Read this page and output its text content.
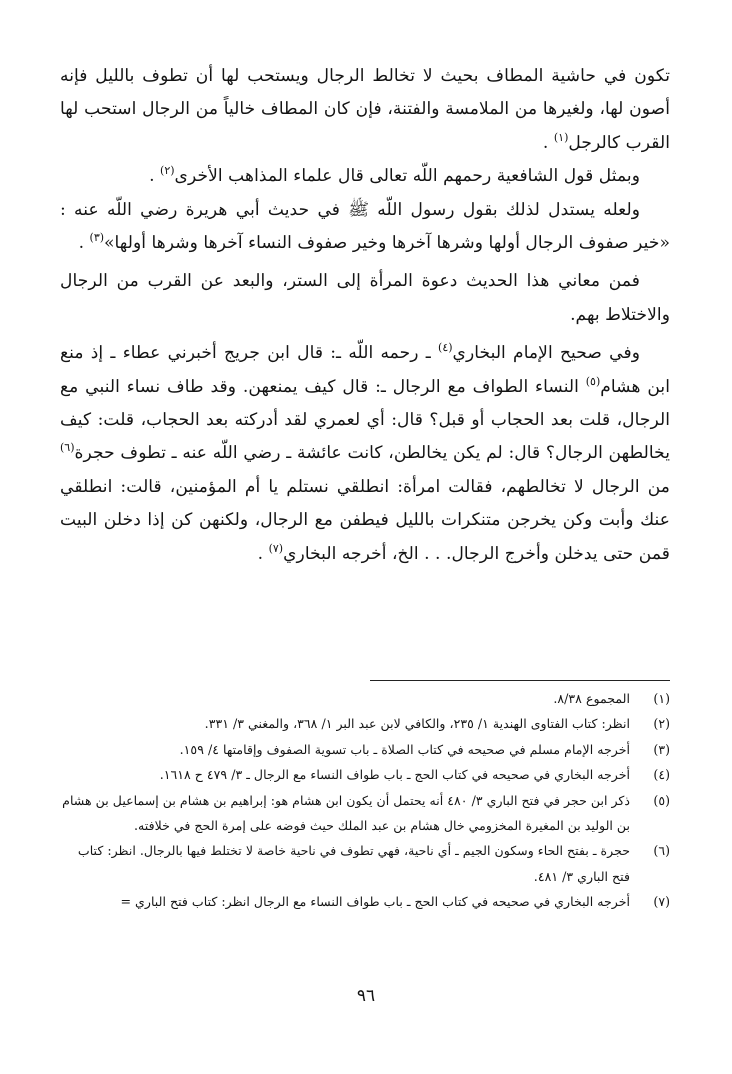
تكون في حاشية المطاف بحيث لا تخالط الرجال ويستحب لها أن تطوف بالليل فإنه أصون لها، ولغيرها من الملامسة والفتنة، فإن كان المطاف خالياً من الرجال استحب لها القرب كالرجل$^{(١)}$ .

وبمثل قول الشافعية رحمهم اللّه تعالى قال علماء المذاهب الأخرى$^{(٢)}$ .

ولعله يستدل لذلك بقول رسول اللّه ﷺ في حديث أبي هريرة رضي اللّه عنه : «خير صفوف الرجال أولها وشرها آخرها وخير صفوف النساء آخرها وشرها أولها»$^{(٣)}$ .

فمن معاني هذا الحديث دعوة المرأة إلى الستر، والبعد عن القرب من الرجال والاختلاط بهم.

وفي صحيح الإمام البخاري$^{(٤)}$ ـ رحمه اللّه ـ: قال ابن جريج أخبرني عطاء ـ إذ منع ابن هشام$^{(٥)}$ النساء الطواف مع الرجال ـ: قال كيف يمنعهن. وقد طاف نساء النبي مع الرجال، قلت بعد الحجاب أو قبل؟ قال: أي لعمري لقد أدركته بعد الحجاب، قلت: كيف يخالطهن الرجال؟ قال: لم يكن يخالطن، كانت عائشة ـ رضي اللّه عنه ـ تطوف حجرة$^{(٦)}$ من الرجال لا تخالطهم، فقالت امرأة: انطلقي نستلم يا أم المؤمنين، قالت: انطلقي عنك وأبت وكن يخرجن متنكرات بالليل فيطفن مع الرجال، ولكنهن كن إذا دخلن البيت قمن حتى يدخلن وأخرج الرجال. . . الخ، أخرجه البخاري$^{(٧)}$ .

(١)
المجموع ٨/٣٨.
(٢)
انظر: كتاب الفتاوى الهندية ١/ ٢٣٥، والكافي لابن عبد البر ١/ ٣٦٨، والمغني ٣/ ٣٣١.
(٣)
أخرجه الإمام مسلم في صحيحه في كتاب الصلاة ـ باب تسوية الصفوف وإقامتها ٤/ ١٥٩.
(٤)
أخرجه البخاري في صحيحه في كتاب الحج ـ باب طواف النساء مع الرجال ـ ٣/ ٤٧٩ ح ١٦١٨.
(٥)
ذكر ابن حجر في فتح الباري ٣/ ٤٨٠ أنه يحتمل أن يكون ابن هشام هو: إبراهيم بن هشام بن إسماعيل بن هشام بن الوليد بن المغيرة المخزومي خال هشام بن عبد الملك حيث فوضه على إمرة الحج في خلافته.
(٦)
حجرة ـ بفتح الحاء وسكون الجيم ـ أي ناحية، فهي تطوف في ناحية خاصة لا تختلط فيها بالرجال. انظر: كتاب فتح الباري ٣/ ٤٨١.
(٧)
أخرجه البخاري في صحيحه في كتاب الحج ـ باب طواف النساء مع الرجال انظر: كتاب فتح الباري =
٩٦
